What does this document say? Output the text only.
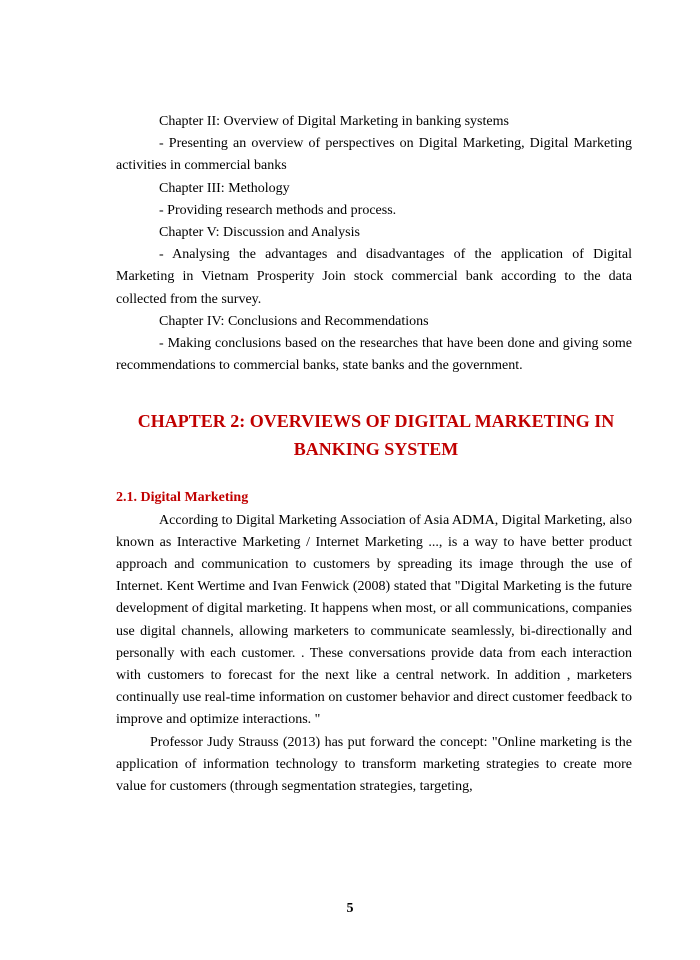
Chapter II: Overview of Digital Marketing in banking systems

- Presenting an overview of perspectives on Digital Marketing, Digital Marketing activities in commercial banks

Chapter III: Methology

- Providing research methods and process.

Chapter V: Discussion and Analysis

- Analysing the advantages and disadvantages of the application of Digital Marketing in Vietnam Prosperity Join stock commercial bank according to the data collected from the survey.

Chapter IV: Conclusions and Recommendations

- Making conclusions based on the researches that have been done and giving some recommendations to commercial banks, state banks and the government.

CHAPTER 2: OVERVIEWS OF DIGITAL MARKETING IN BANKING SYSTEM
2.1. Digital Marketing

According to Digital Marketing Association of Asia ADMA, Digital Marketing, also known as Interactive Marketing / Internet Marketing ..., is a way to have better product approach and communication to customers by spreading its image through the use of Internet. Kent Wertime and Ivan Fenwick (2008) stated that "Digital Marketing is the future development of digital marketing. It happens when most, or all communications, companies use digital channels, allowing marketers to communicate seamlessly, bi-directionally and personally with each customer. . These conversations provide data from each interaction with customers to forecast for the next like a central network. In addition , marketers continually use real-time information on customer behavior and direct customer feedback to improve and optimize interactions. "

Professor Judy Strauss (2013) has put forward the concept: "Online marketing is the application of information technology to transform marketing strategies to create more value for customers (through segmentation strategies, targeting,

5
